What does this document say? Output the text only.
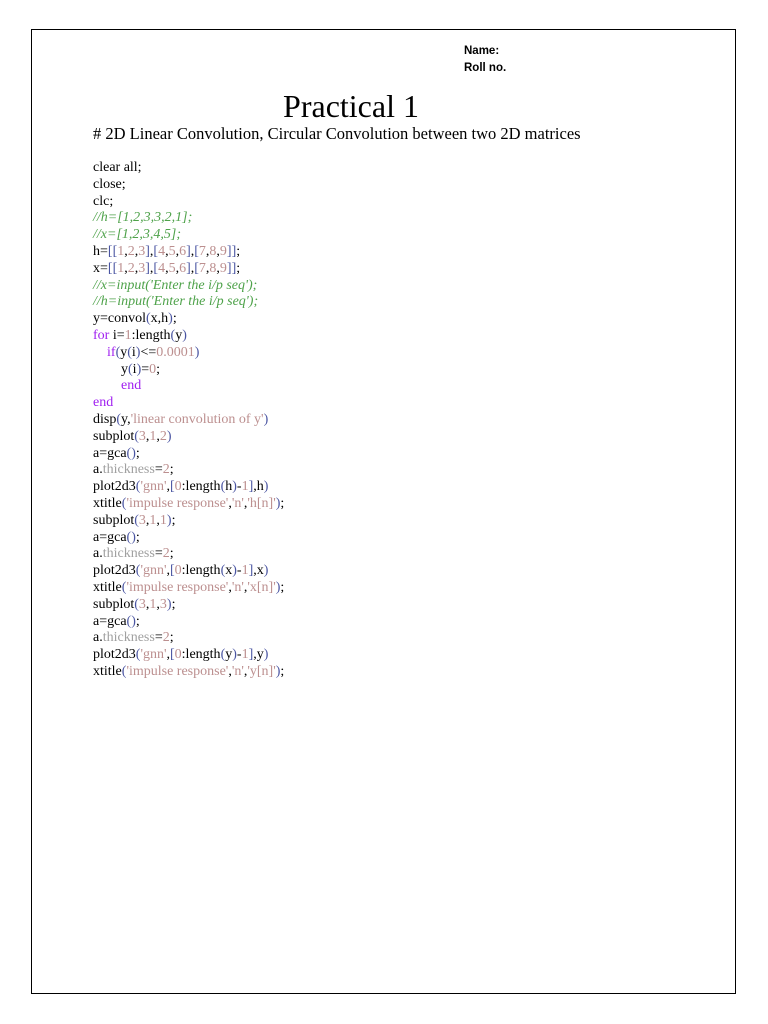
Name:
Roll no.
Practical 1
# 2D Linear Convolution, Circular Convolution between two 2D matrices
clear all;
close;
clc;
//h=[1,2,3,3,2,1];
//x=[1,2,3,4,5];
h=[[1,2,3],[4,5,6],[7,8,9]];
x=[[1,2,3],[4,5,6],[7,8,9]];
//x=input('Enter the i/p seq');
//h=input('Enter the i/p seq');
y=convol(x,h);
for i=1:length(y)
if(y(i)<=0.0001)
y(i)=0;
end
end
disp(y,'linear convolution of y')
subplot(3,1,2)
a=gca();
a.thickness=2;
plot2d3('gnn',[0:length(h)-1],h)
xtitle('impulse response','n','h[n]');
subplot(3,1,1);
a=gca();
a.thickness=2;
plot2d3('gnn',[0:length(x)-1],x)
xtitle('impulse response','n','x[n]');
subplot(3,1,3);
a=gca();
a.thickness=2;
plot2d3('gnn',[0:length(y)-1],y)
xtitle('impulse response','n','y[n]');
